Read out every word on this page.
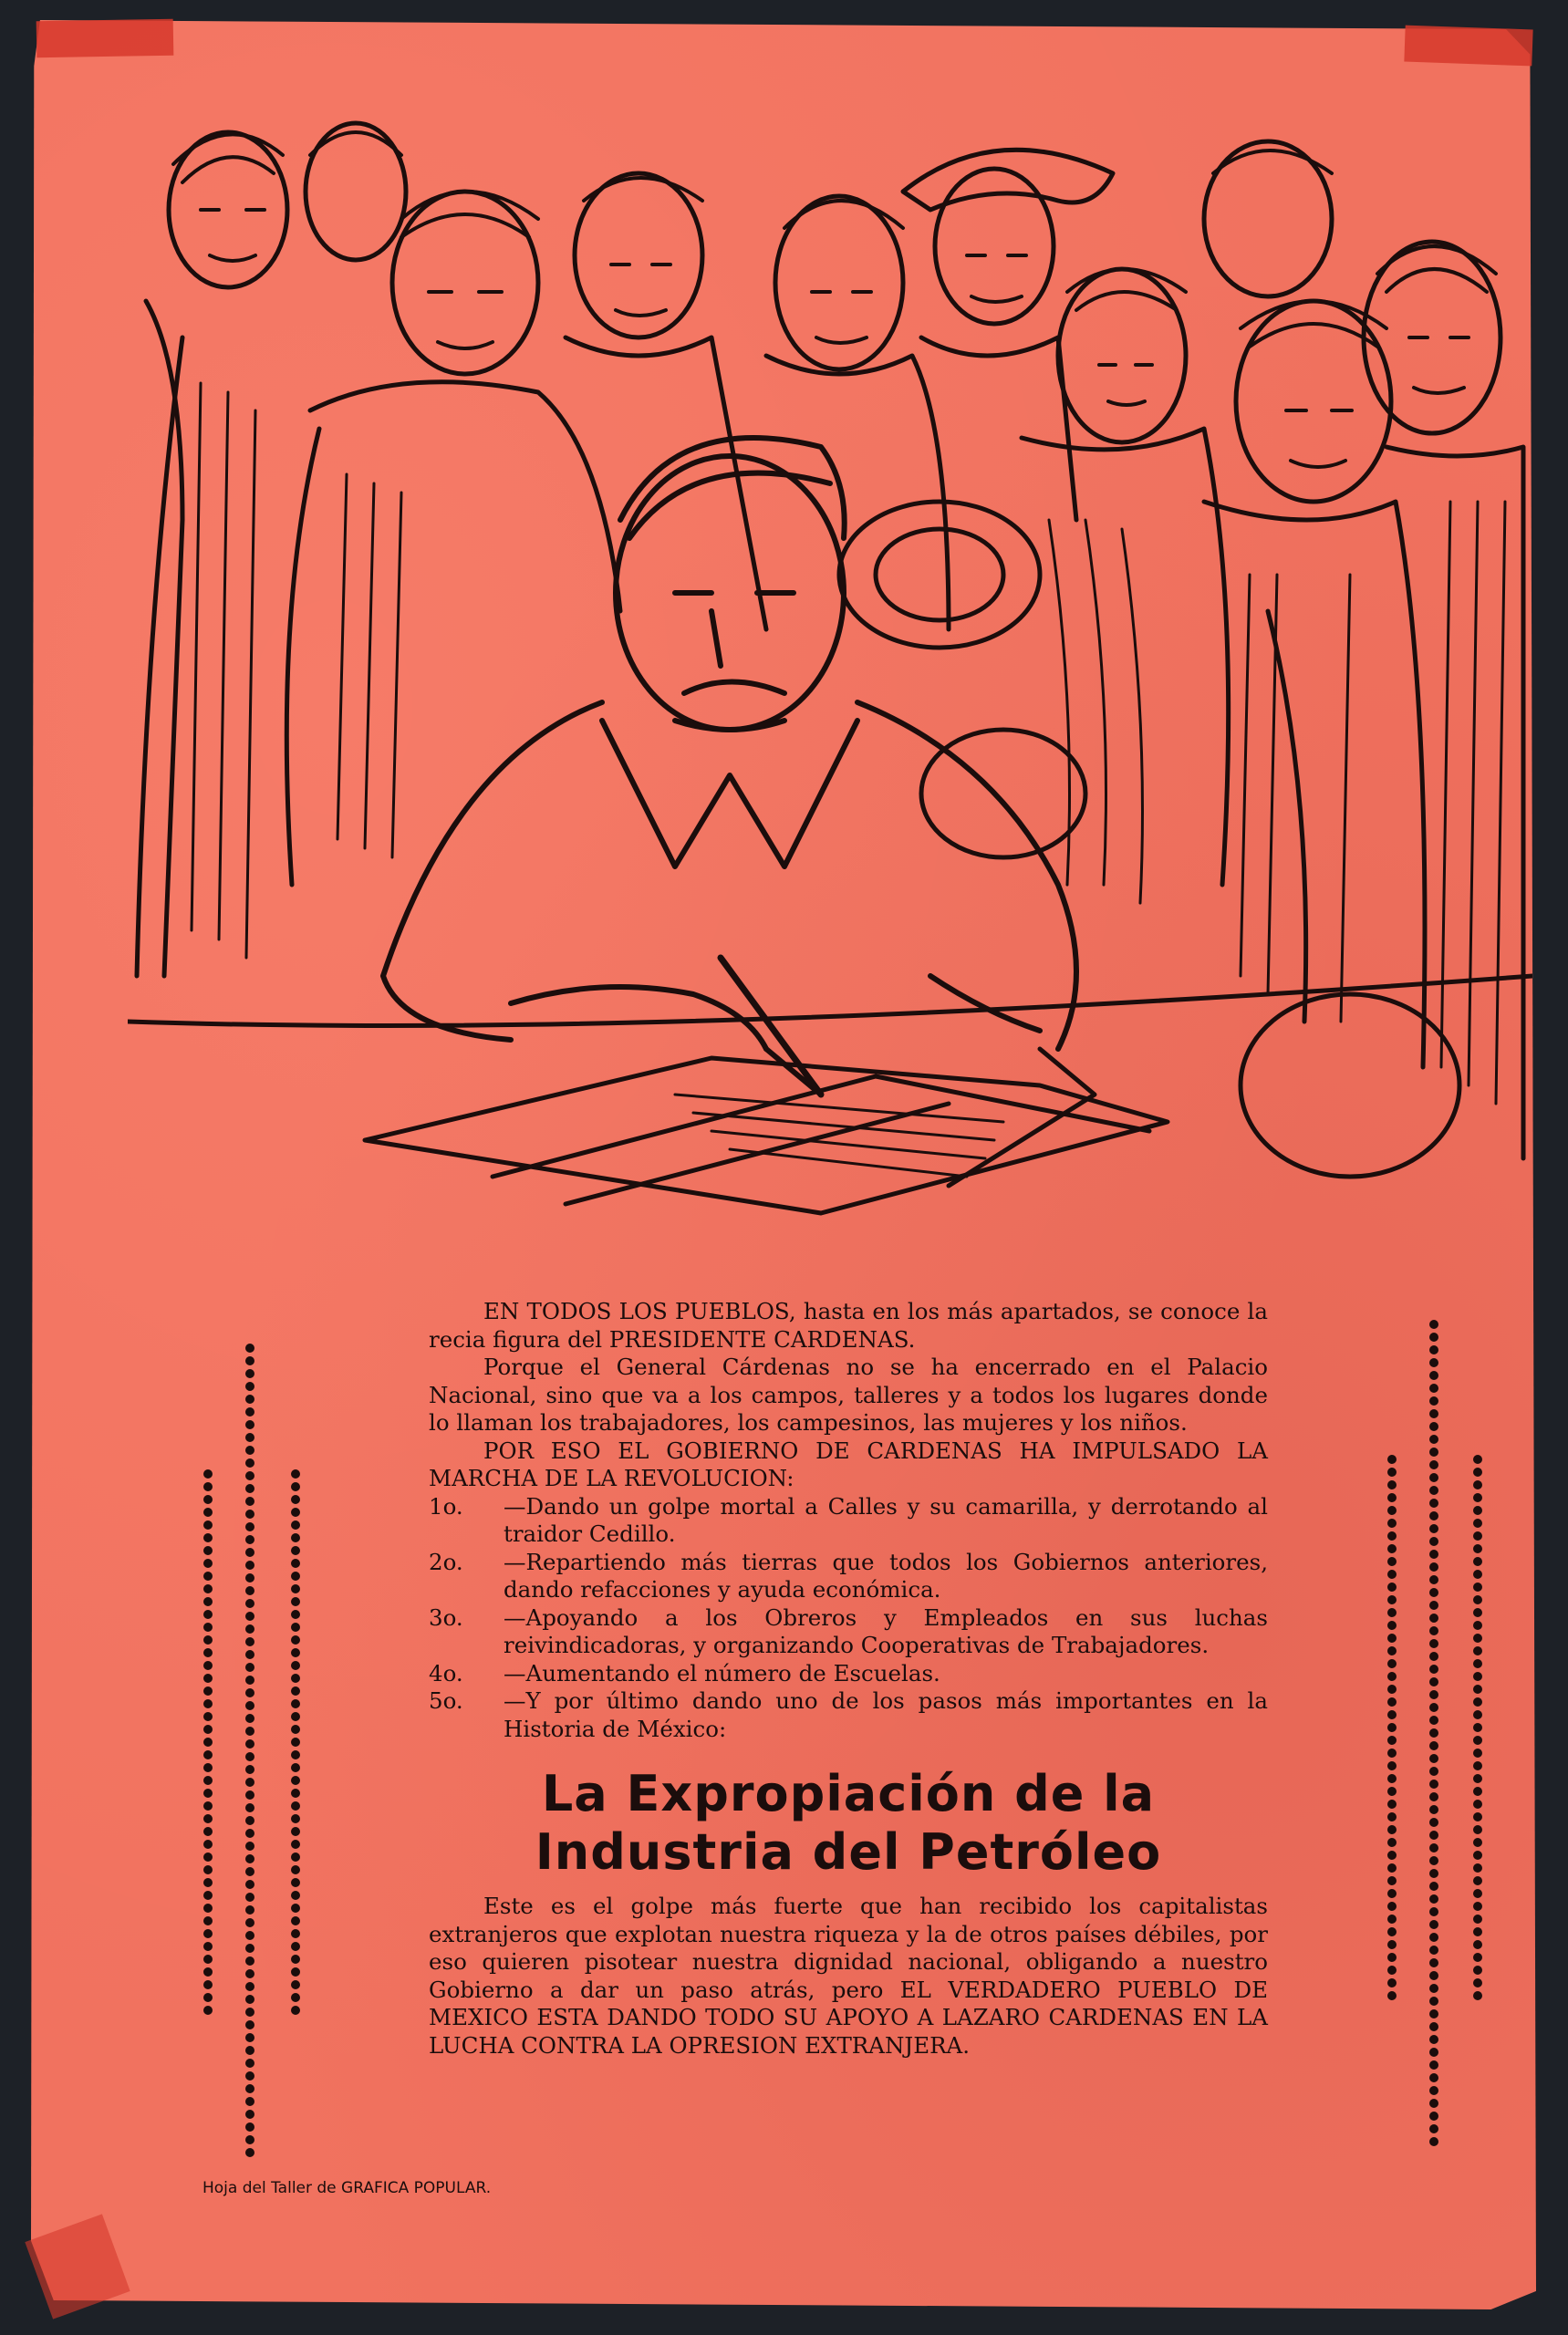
EN TODOS LOS PUEBLOS, hasta en los más apartados, se conoce la recia figura del PRESIDENTE CARDENAS.

Porque el General Cárdenas no se ha encerrado en el Palacio Nacional, sino que va a los campos, talleres y a todos los lugares donde lo llaman los trabajadores, los campesinos, las mujeres y los niños.

POR ESO EL GOBIERNO DE CARDENAS HA IMPULSADO LA MARCHA DE LA REVOLUCION:

1o.	—Dando un golpe mortal a Calles y su camarilla, y derrotando al traidor Cedillo.
2o.	—Repartiendo más tierras que todos los Gobiernos anteriores, dando refacciones y ayuda económica.
3o.	—Apoyando a los Obreros y Empleados en sus luchas reivindicadoras, y organizando Cooperativas de Trabajadores.
4o.	—Aumentando el número de Escuelas.
5o.	—Y por último dando uno de los pasos más importantes en la Historia de México:
La Expropiación de la
Industria del Petróleo

Este es el golpe más fuerte que han recibido los capitalistas extranjeros que explotan nuestra riqueza y la de otros países débiles, por eso quieren pisotear nuestra dignidad nacional, obligando a nuestro Gobierno a dar un paso atrás, pero EL VERDADERO PUEBLO DE MEXICO ESTA DANDO TODO SU APOYO A LAZARO CARDENAS EN LA LUCHA CONTRA LA OPRESION EXTRANJERA.

Hoja del Taller de GRAFICA POPULAR.
